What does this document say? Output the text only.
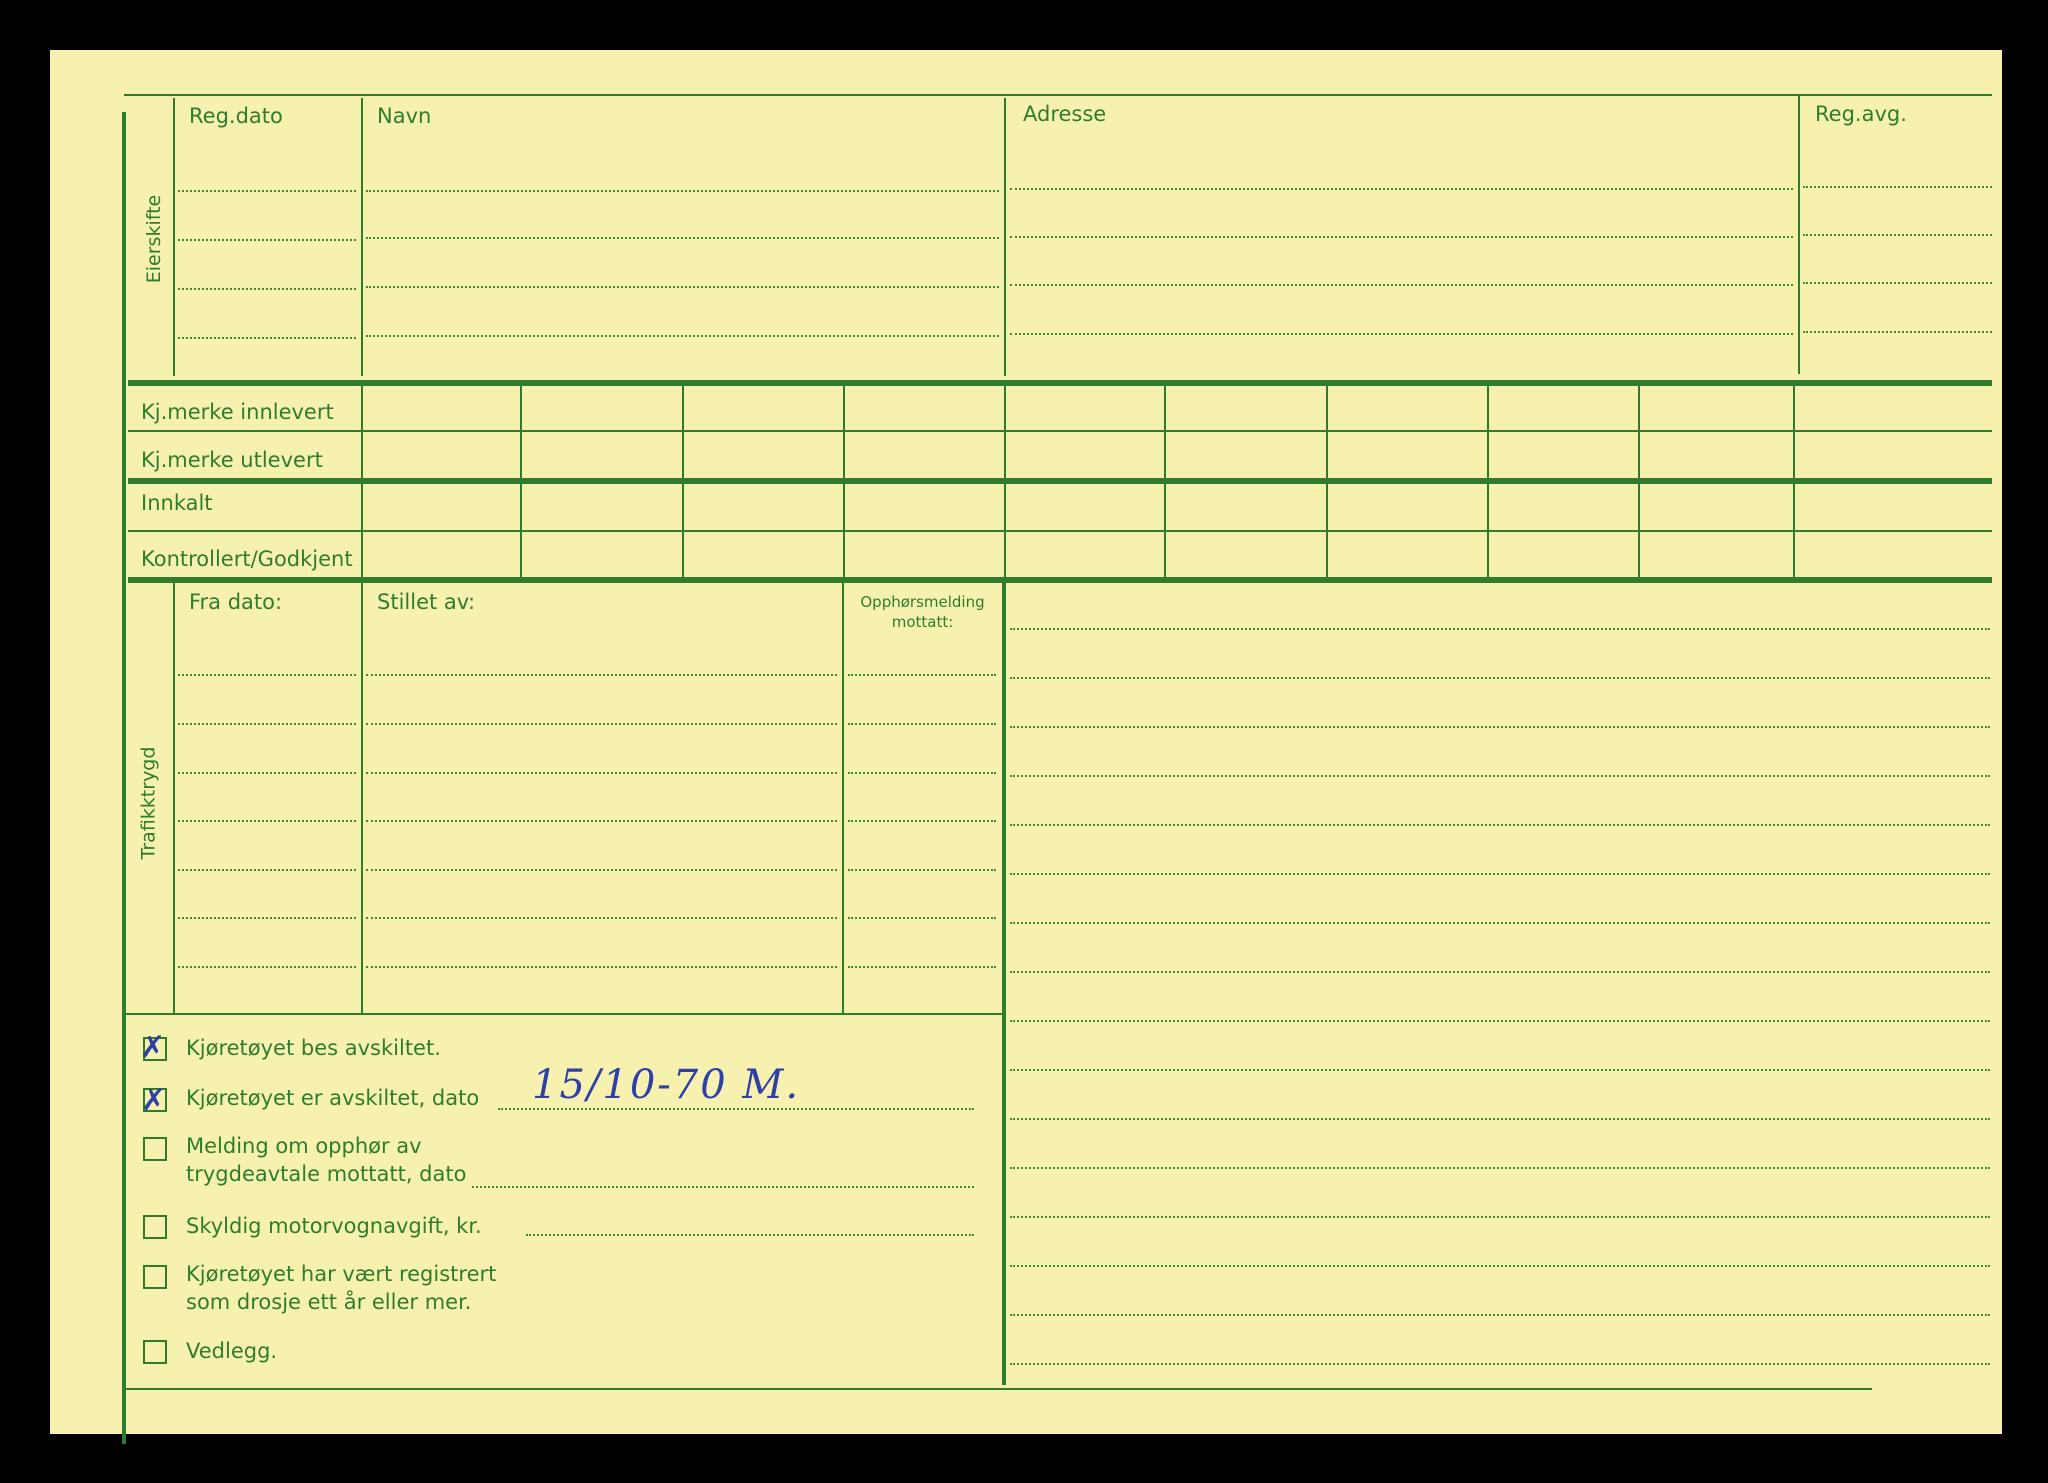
Eierskifte
Reg.dato	Navn	Adresse	Reg.avg.
Kj.merke innlevert
Kj.merke utlevert
Innkalt
Kontrollert/Godkjent
Trafikktrygd
Fra dato:	Stillet av:	Opphørsmelding mottatt:
✗ Kjøretøyet bes avskiltet.
✗ Kjøretøyet er avskiltet, dato 15/10-70 M.
Melding om opphør av
trygdeavtale mottatt, dato
Skyldig motorvognavgift, kr.
Kjøretøyet har vært registrert
som drosje ett år eller mer.
Vedlegg.
